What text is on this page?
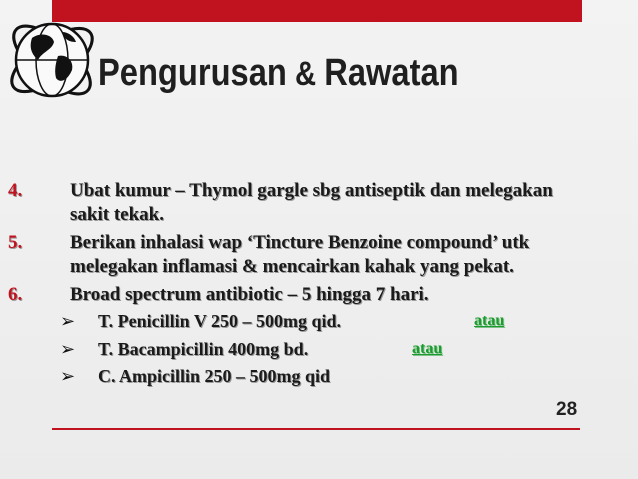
Pengurusan & Rawatan
4.	Ubat kumur – Thymol gargle sbg antiseptik dan melegakan
sakit tekak.
5.	Berikan inhalasi wap ‘Tincture Benzoine compound’ utk
melegakan inflamasi & mencairkan kahak yang pekat.
6.	Broad spectrum antibiotic – 5 hingga 7 hari.
➢ T. Penicillin V 250 – 500mg qid.	atau
➢ T. Bacampicillin 400mg bd.	atau
➢ C. Ampicillin 250 – 500mg qid
28
